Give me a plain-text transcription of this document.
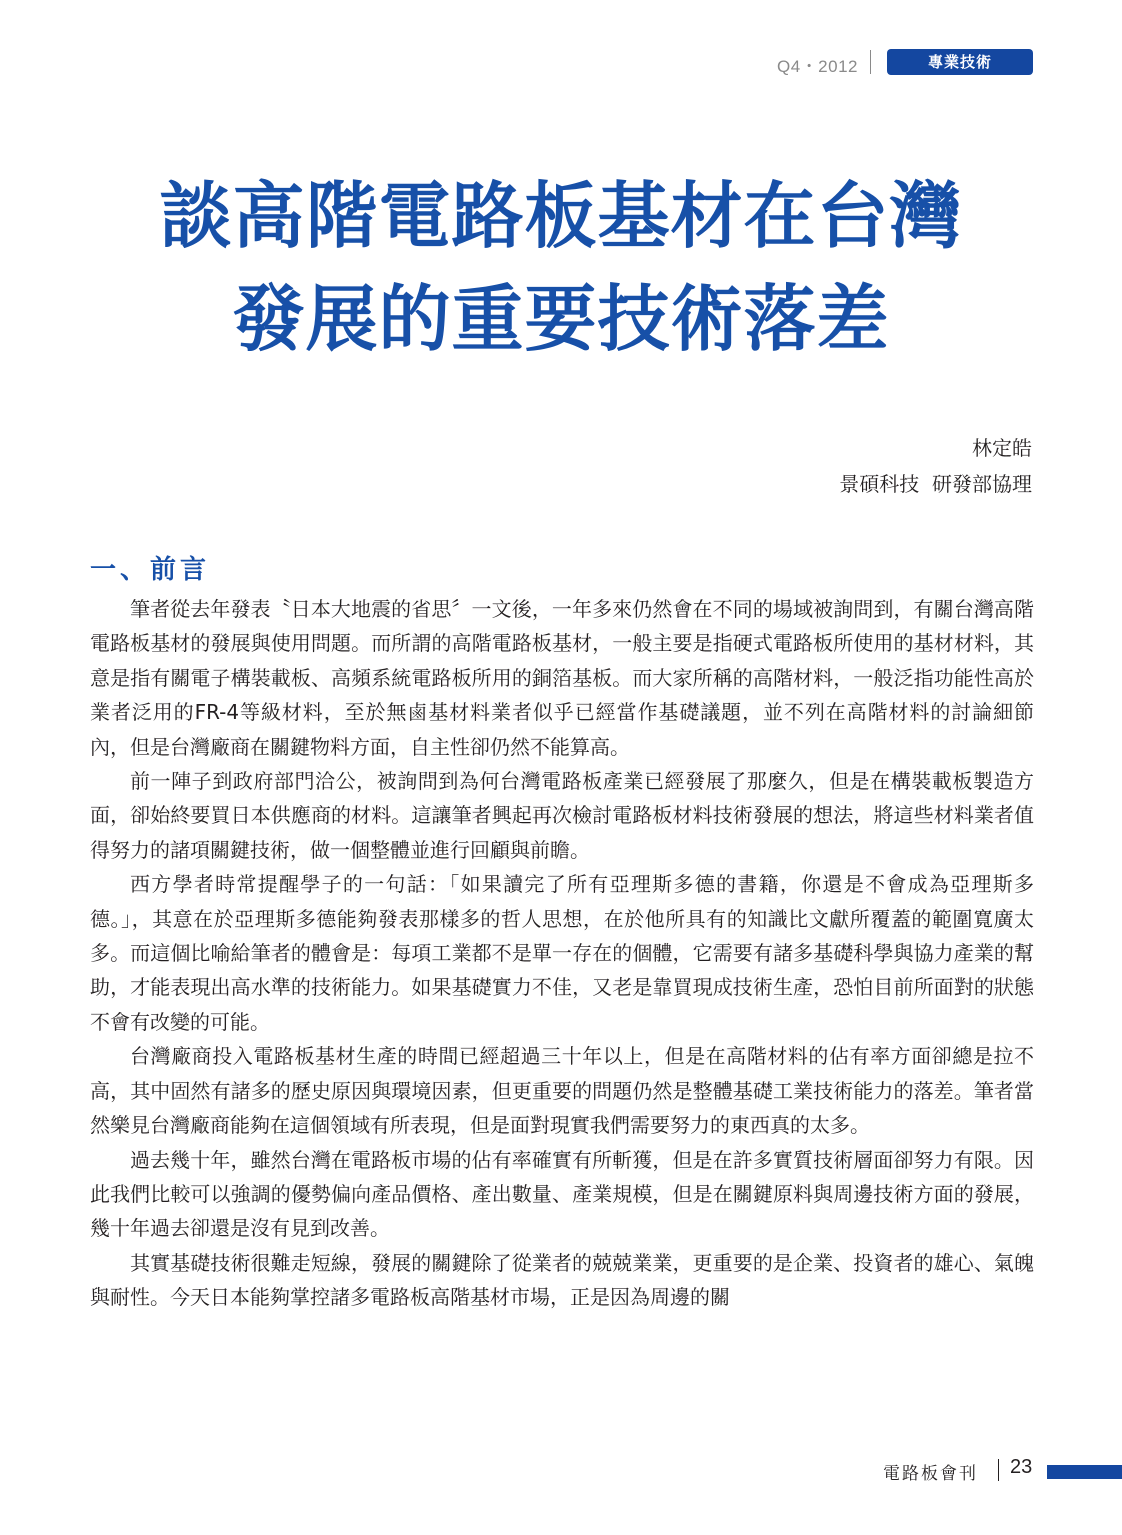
Q4・2012	專業技術
談高階電路板基材在台灣
發展的重要技術落差
林定皓
景碩科技  研發部協理
一、前言

筆者從去年發表〝日本大地震的省思〞一文後，一年多來仍然會在不同的場域被詢問到，有關台灣高階電路板基材的發展與使用問題。而所謂的高階電路板基材，一般主要是指硬式電路板所使用的基材材料，其意是指有關電子構裝載板、高頻系統電路板所用的銅箔基板。而大家所稱的高階材料，一般泛指功能性高於業者泛用的FR-4等級材料，至於無鹵基材料業者似乎已經當作基礎議題，並不列在高階材料的討論細節內，但是台灣廠商在關鍵物料方面，自主性卻仍然不能算高。

前一陣子到政府部門洽公，被詢問到為何台灣電路板產業已經發展了那麼久，但是在構裝載板製造方面，卻始終要買日本供應商的材料。這讓筆者興起再次檢討電路板材料技術發展的想法，將這些材料業者值得努力的諸項關鍵技術，做一個整體並進行回顧與前瞻。

西方學者時常提醒學子的一句話：「如果讀完了所有亞理斯多德的書籍，你還是不會成為亞理斯多德。」，其意在於亞理斯多德能夠發表那樣多的哲人思想，在於他所具有的知識比文獻所覆蓋的範圍寬廣太多。而這個比喻給筆者的體會是：每項工業都不是單一存在的個體，它需要有諸多基礎科學與協力產業的幫助，才能表現出高水準的技術能力。如果基礎實力不佳，又老是靠買現成技術生產，恐怕目前所面對的狀態不會有改變的可能。

台灣廠商投入電路板基材生產的時間已經超過三十年以上，但是在高階材料的佔有率方面卻總是拉不高，其中固然有諸多的歷史原因與環境因素，但更重要的問題仍然是整體基礎工業技術能力的落差。筆者當然樂見台灣廠商能夠在這個領域有所表現，但是面對現實我們需要努力的東西真的太多。

過去幾十年，雖然台灣在電路板市場的佔有率確實有所斬獲，但是在許多實質技術層面卻努力有限。因此我們比較可以強調的優勢偏向產品價格、產出數量、產業規模，但是在關鍵原料與周邊技術方面的發展，幾十年過去卻還是沒有見到改善。

其實基礎技術很難走短線，發展的關鍵除了從業者的兢兢業業，更重要的是企業、投資者的雄心、氣魄與耐性。今天日本能夠掌控諸多電路板高階基材市場，正是因為周邊的關

電路板會刊 23
